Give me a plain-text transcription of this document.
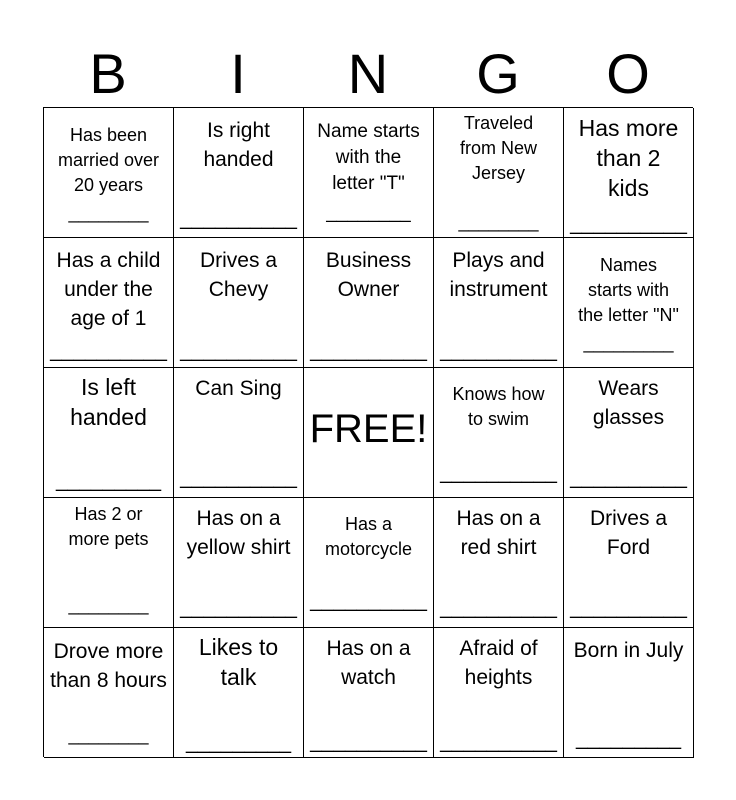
B	I	N	G	O
Has been
married over
20 years
________
Is right
handed
__________
Name starts
with the
letter "T"
________
Traveled
from New
Jersey
________
Has more
than 2
kids
__________
Has a child
under the
age of 1
__________
Drives a
Chevy
__________
Business
Owner
__________
Plays and
instrument
__________
Names
starts with
the letter "N"
_________
Is left
handed
_________
Can Sing
__________
FREE!
Knows how
to swim
__________
Wears
glasses
__________
Has 2 or
more pets
________
Has on a
yellow shirt
__________
Has a
motorcycle
__________
Has on a
red shirt
__________
Drives a
Ford
__________
Drove more
than 8 hours
________
Likes to
talk
_________
Has on a
watch
__________
Afraid of
heights
__________
Born in July
_________
